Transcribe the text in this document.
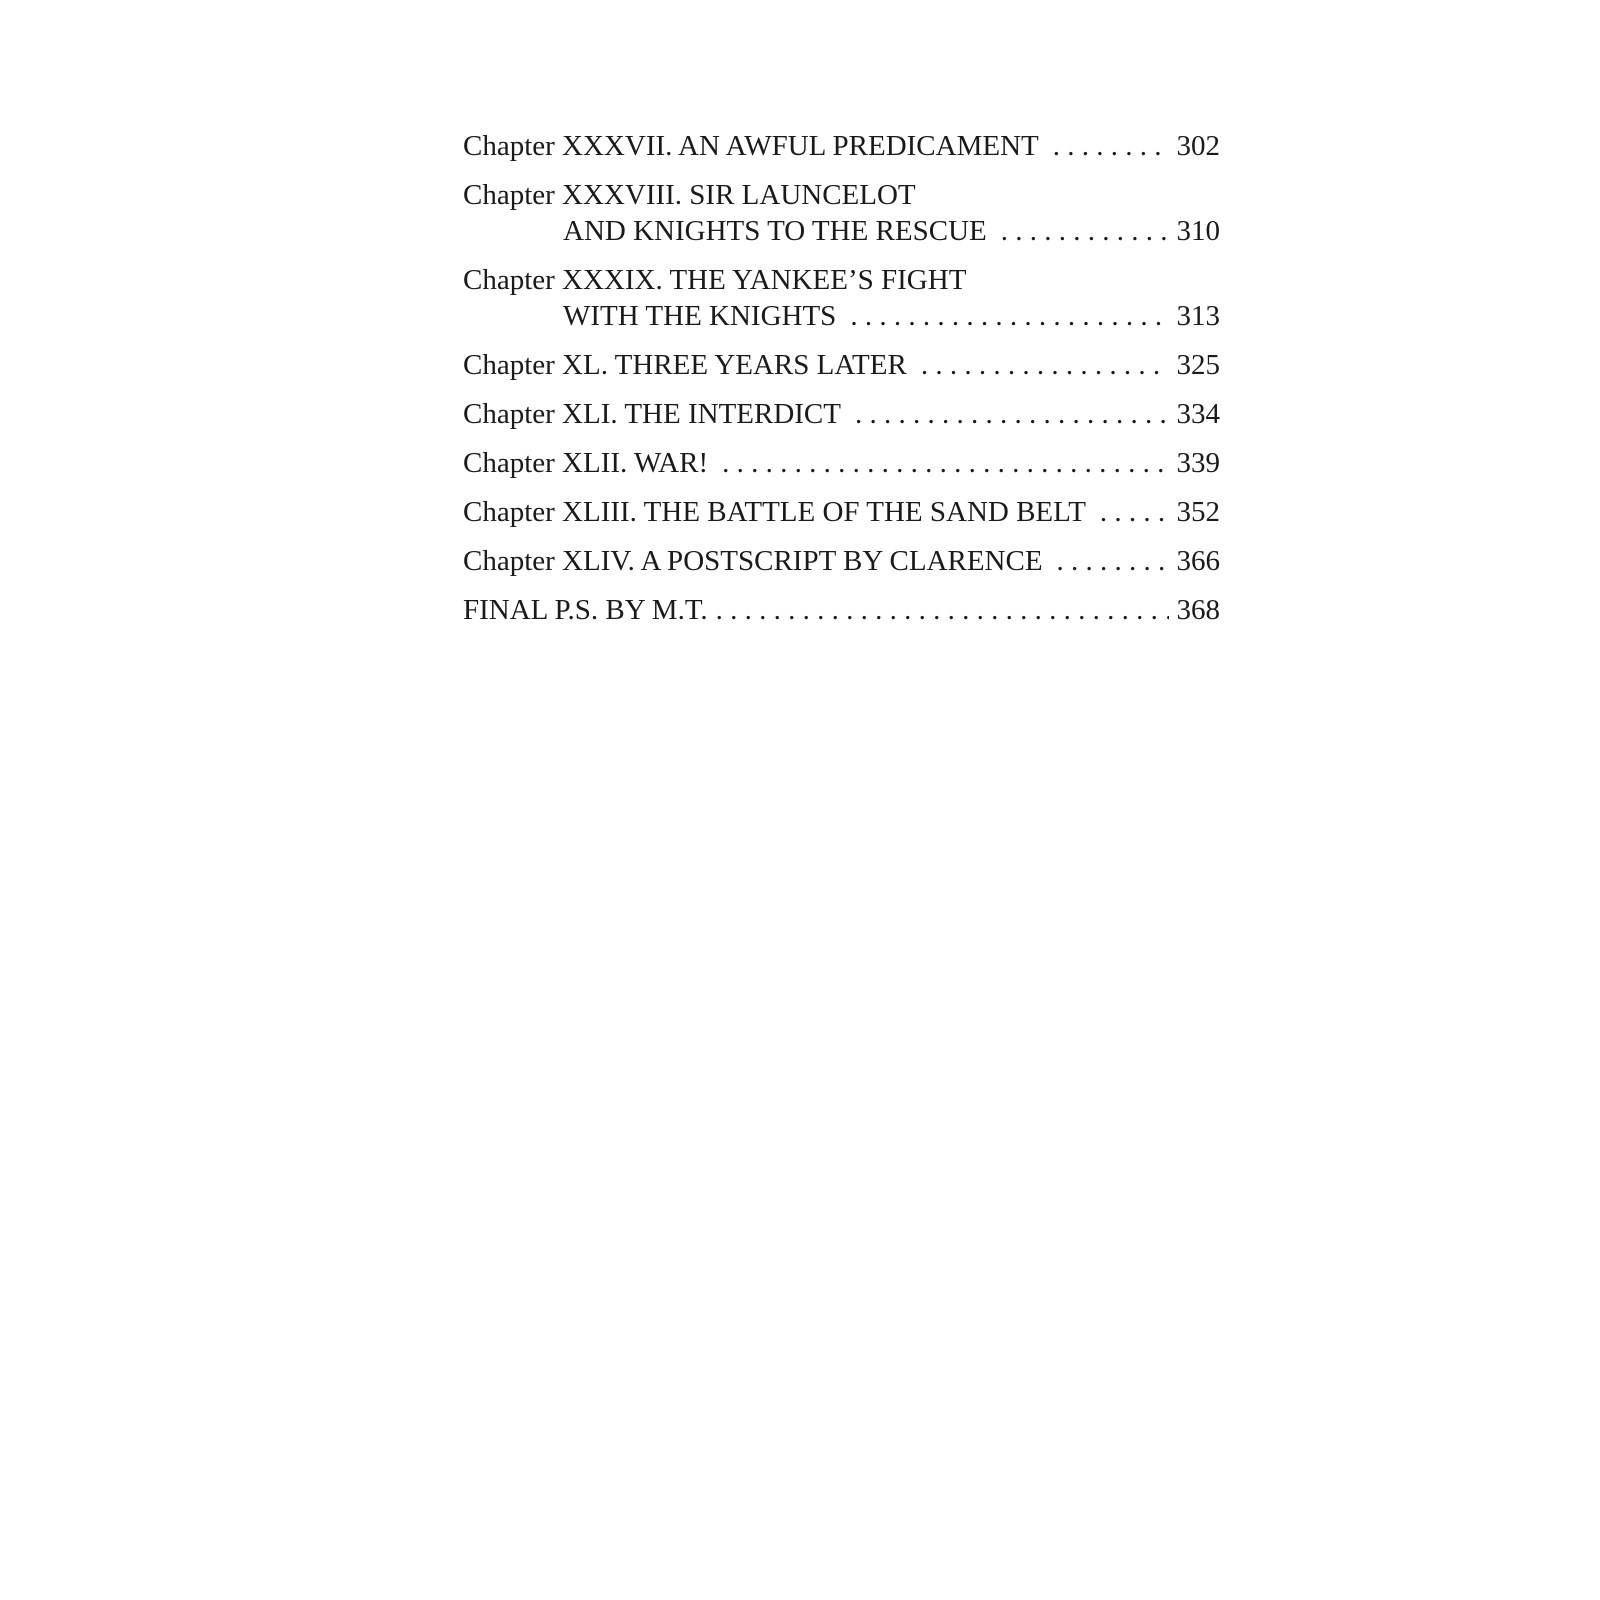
Chapter XXXVII. AN AWFUL PREDICAMENT . . .	302
Chapter XXXVIII. SIR LAUNCELOT
AND KNIGHTS TO THE RESCUE . . .	310
Chapter XXXIX. THE YANKEE’S FIGHT
WITH THE KNIGHTS . . .	313
Chapter XL. THREE YEARS LATER . . .	325
Chapter XLI. THE INTERDICT . . .	334
Chapter XLII. WAR! . . .	339
Chapter XLIII. THE BATTLE OF THE SAND BELT . . .	352
Chapter XLIV. A POSTSCRIPT BY CLARENCE . . .	366
FINAL P.S. BY M.T. . . .	368
